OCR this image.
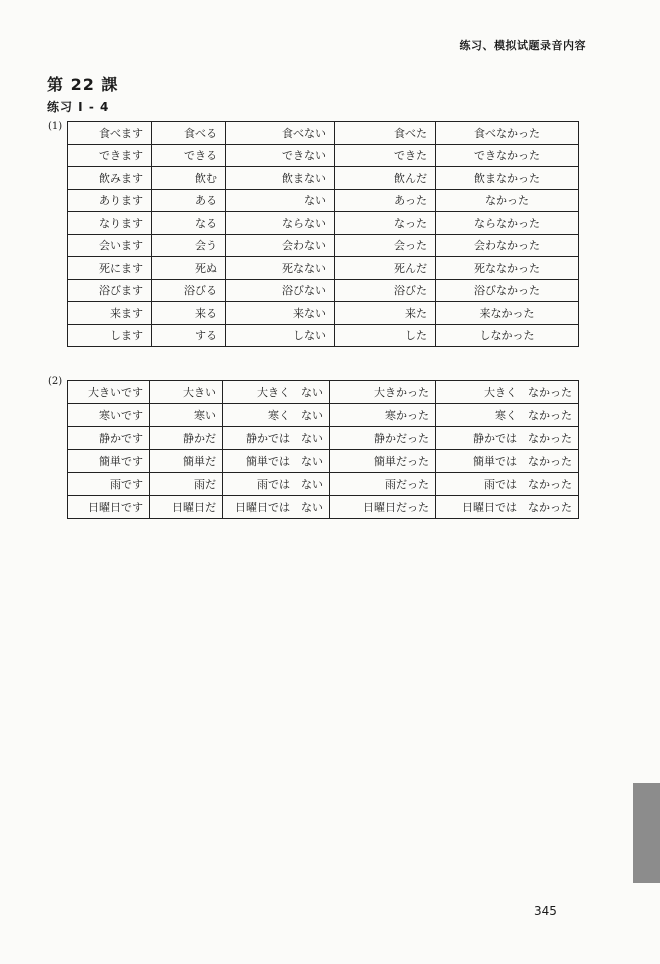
练习、模拟试题录音内容
第 22 課
练习 I - 4
(1)
食べます	食べる	食べない	食べた	食べなかった
できます	できる	できない	できた	できなかった
飲みます	飲む	飲まない	飲んだ	飲まなかった
あります	ある	ない	あった	なかった
なります	なる	ならない	なった	ならなかった
会います	会う	会わない	会った	会わなかった
死にます	死ぬ	死なない	死んだ	死ななかった
浴びます	浴びる	浴びない	浴びた	浴びなかった
来ます	来る	来ない	来た	来なかった
します	する	しない	した	しなかった
(2)
大きいです	大きい	大きく　ない	大きかった	大きく　なかった
寒いです	寒い	寒く　ない	寒かった	寒く　なかった
静かです	静かだ	静かでは　ない	静かだった	静かでは　なかった
簡単です	簡単だ	簡単では　ない	簡単だった	簡単では　なかった
雨です	雨だ	雨では　ない	雨だった	雨では　なかった
日曜日です	日曜日だ	日曜日では　ない	日曜日だった	日曜日では　なかった
345
